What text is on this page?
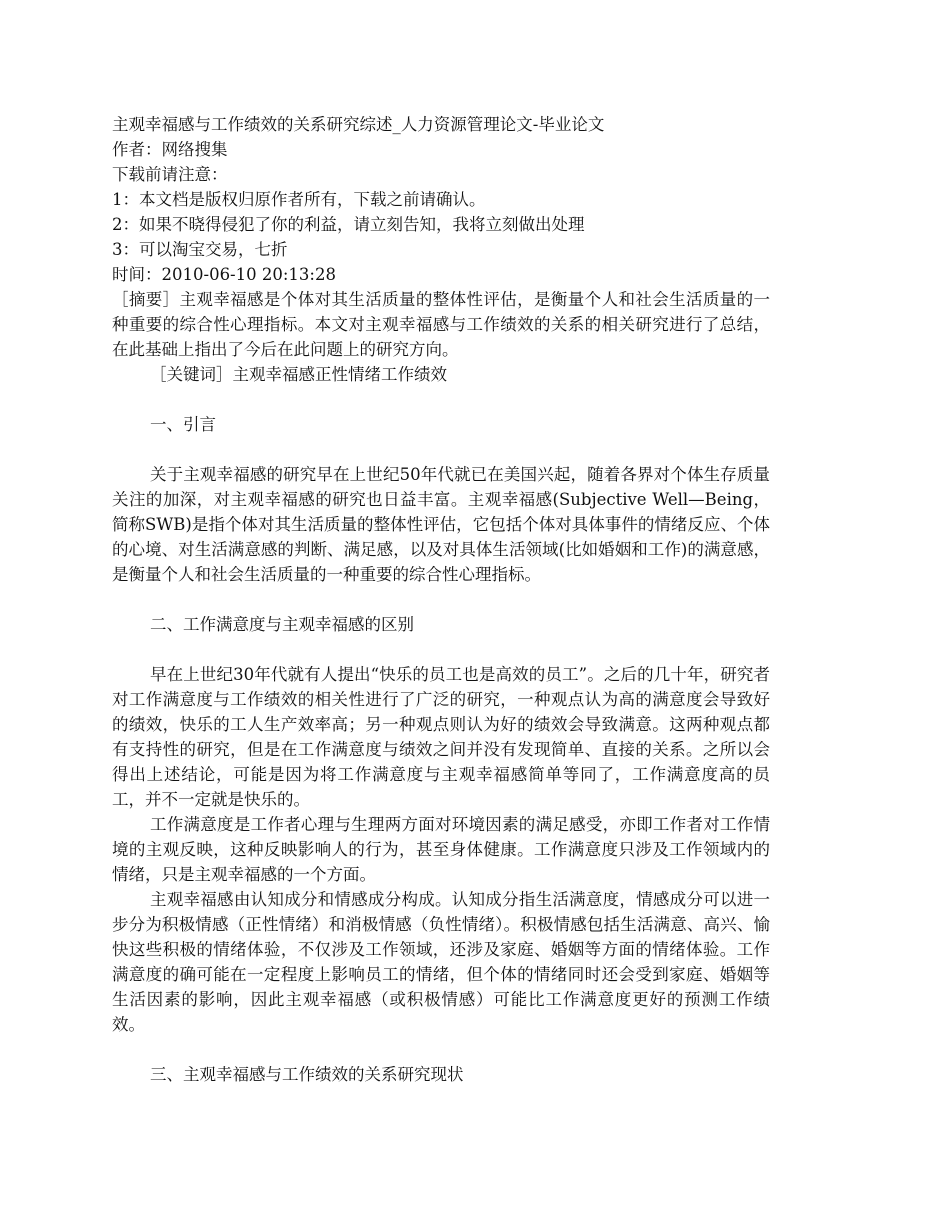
主观幸福感与工作绩效的关系研究综述_人力资源管理论文-毕业论文
作者：网络搜集
下载前请注意：
1：本文档是版权归原作者所有，下载之前请确认。
2：如果不晓得侵犯了你的利益，请立刻告知，我将立刻做出处理
3：可以淘宝交易，七折
时间：2010-06-10 20:13:28

［摘要］主观幸福感是个体对其生活质量的整体性评估，是衡量个人和社会生活质量的一种重要的综合性心理指标。本文对主观幸福感与工作绩效的关系的相关研究进行了总结，在此基础上指出了今后在此问题上的研究方向。

［关键词］主观幸福感正性情绪工作绩效

一、引言

关于主观幸福感的研究早在上世纪50年代就已在美国兴起，随着各界对个体生存质量关注的加深，对主观幸福感的研究也日益丰富。主观幸福感(Subjective Well—Being，简称SWB)是指个体对其生活质量的整体性评估，它包括个体对具体事件的情绪反应、个体的心境、对生活满意感的判断、满足感，以及对具体生活领域(比如婚姻和工作)的满意感，是衡量个人和社会生活质量的一种重要的综合性心理指标。

二、工作满意度与主观幸福感的区别

早在上世纪30年代就有人提出“快乐的员工也是高效的员工”。之后的几十年，研究者对工作满意度与工作绩效的相关性进行了广泛的研究，一种观点认为高的满意度会导致好的绩效，快乐的工人生产效率高；另一种观点则认为好的绩效会导致满意。这两种观点都有支持性的研究，但是在工作满意度与绩效之间并没有发现简单、直接的关系。之所以会得出上述结论，可能是因为将工作满意度与主观幸福感简单等同了，工作满意度高的员工，并不一定就是快乐的。

工作满意度是工作者心理与生理两方面对环境因素的满足感受，亦即工作者对工作情境的主观反映，这种反映影响人的行为，甚至身体健康。工作满意度只涉及工作领域内的情绪，只是主观幸福感的一个方面。

主观幸福感由认知成分和情感成分构成。认知成分指生活满意度，情感成分可以进一步分为积极情感（正性情绪）和消极情感（负性情绪）。积极情感包括生活满意、高兴、愉快这些积极的情绪体验，不仅涉及工作领域，还涉及家庭、婚姻等方面的情绪体验。工作满意度的确可能在一定程度上影响员工的情绪，但个体的情绪同时还会受到家庭、婚姻等生活因素的影响，因此主观幸福感（或积极情感）可能比工作满意度更好的预测工作绩效。

三、主观幸福感与工作绩效的关系研究现状
